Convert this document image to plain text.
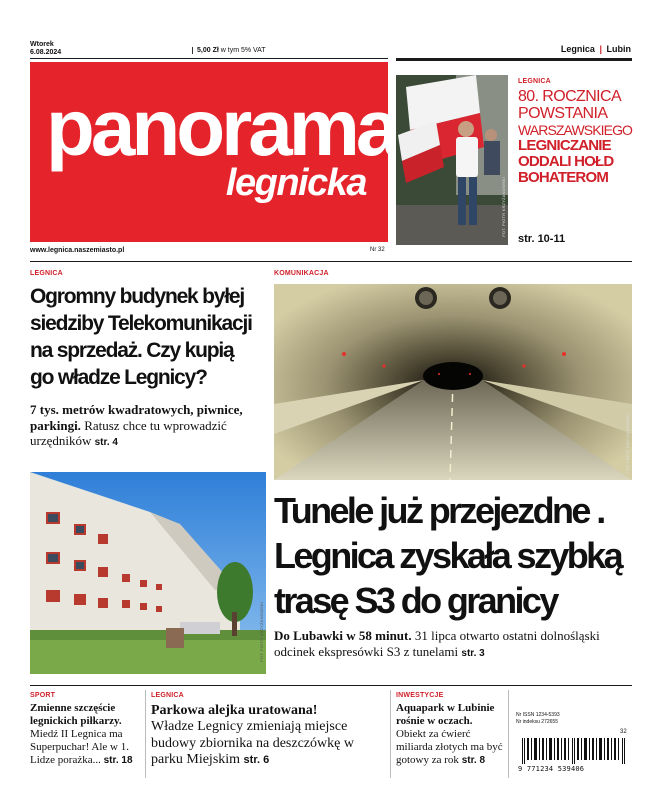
Wtorek
6.08.2024	5,00 Zł w tym 5% VAT	Legnica | Lubin
panorama
legnicka
www.legnica.naszemiasto.pl	Nr 32
FOT. PIOTR KRZYŻANOWSKI
LEGNICA
80. ROCZNICA
POWSTANIA
WARSZAWSKIEGO
LEGNICZANIE
ODDALI HOŁD
BOHATEROM
str. 10-11
LEGNICA
Ogromny budynek byłej
siedziby Telekomunikacji
na sprzedaż. Czy kupią
go władze Legnicy?
7 tys. metrów kwadratowych, piwnice, parkingi. Ratusz chce tu wprowadzić urzędników str. 4
FOT. PIOTR KRZYŻANOWSKI
KOMUNIKACJA
FOT. PIOTR KRZYŻANOWSKI
Tunele już przejezdne .
Legnica zyskała szybką
trasę S3 do granicy
Do Lubawki w 58 minut. 31 lipca otwarto ostatni dolnośląski odcinek ekspresówki S3 z tunelami str. 3
SPORT
Zmienne szczęście legnickich piłkarzy.
Miedź II Legnica ma Superpuchar! Ale w 1. Lidze porażka... str. 18
LEGNICA
Parkowa alejka uratowana!
Władze Legnicy zmieniają miejsce budowy zbiornika na deszczówkę w parku Miejskim str. 6
INWESTYCJE
Aquapark w Lubinie rośnie w oczach.
Obiekt za ćwierć miliarda złotych ma być gotowy za rok str. 8
Nr ISSN 1234-5393
Nr indeksu 272655
32
9 771234 539406
